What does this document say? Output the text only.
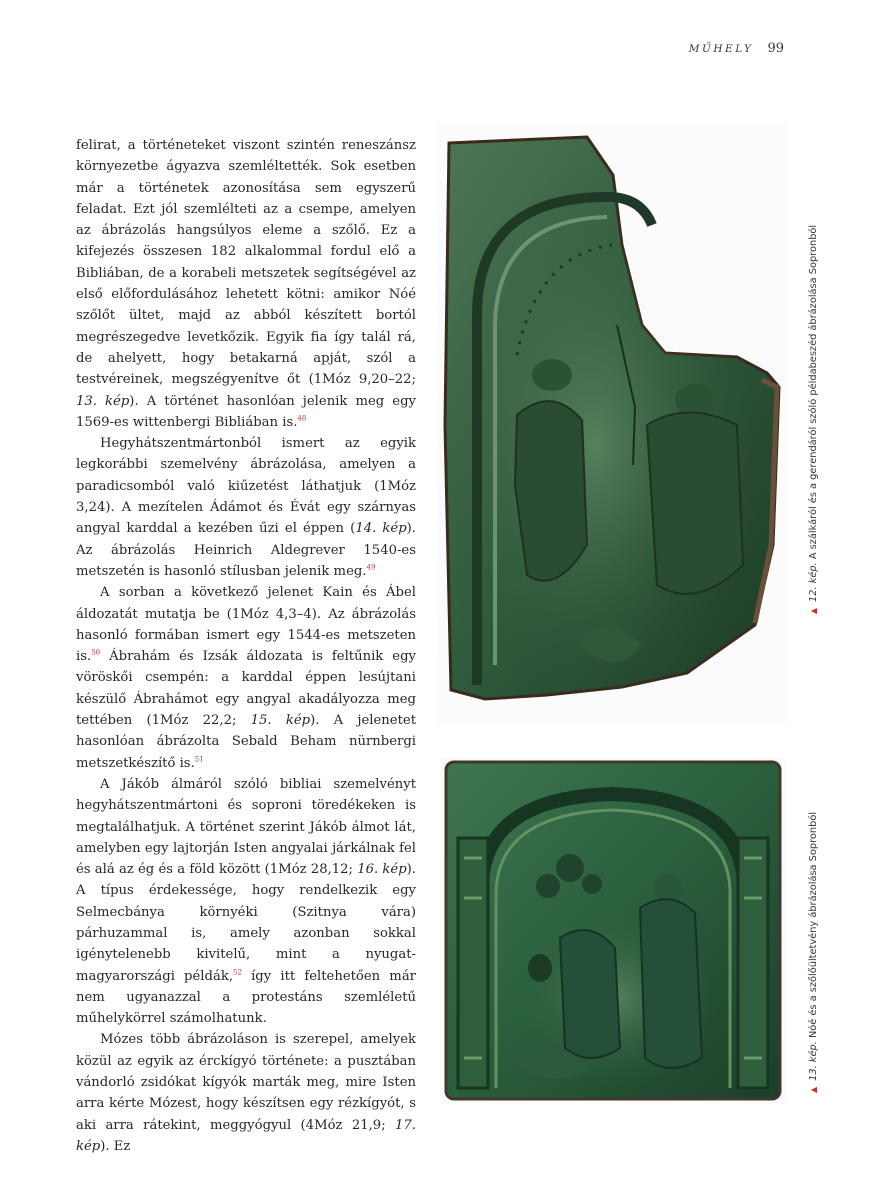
MŰHELY 99

felirat, a történeteket viszont szintén reneszánsz környezetbe ágyazva szemléltették. Sok esetben már a történetek azonosítása sem egyszerű feladat. Ezt jól szemlélteti az a csempe, amelyen az ábrázolás hangsúlyos eleme a szőlő. Ez a kifejezés összesen 182 alkalommal fordul elő a Bibliában, de a korabeli metszetek segítségével az első előfordulásához lehetett kötni: amikor Nóé szőlőt ültet, majd az abból készített bortól megrészegedve levetkőzik. Egyik fia így talál rá, de ahelyett, hogy betakarná apját, szól a testvéreinek, megszégyenítve őt (1Móz 9,20–22; 13. kép). A történet hasonlóan jelenik meg egy 1569-es wittenbergi Bibliában is.$^{48}$

Hegyhátszentmártonból ismert az egyik legkorábbi szemelvény ábrázolása, amelyen a paradicsomból való kiűzetést láthatjuk (1Móz 3,24). A mezítelen Ádámot és Évát egy szárnyas angyal karddal a kezében űzi el éppen (14. kép). Az ábrázolás Heinrich Aldegrever 1540-es metszetén is hasonló stílusban jelenik meg.$^{49}$

A sorban a következő jelenet Kain és Ábel áldozatát mutatja be (1Móz 4,3–4). Az ábrázolás hasonló formában ismert egy 1544-es metszeten is.$^{50}$ Ábrahám és Izsák áldozata is feltűnik egy vöröskői csempén: a karddal éppen lesújtani készülő Ábrahámot egy angyal akadályozza meg tettében (1Móz 22,2; 15. kép). A jelenetet hasonlóan ábrázolta Sebald Beham nürnbergi metszetkészítő is.$^{51}$

A Jákób álmáról szóló bibliai szemelvényt hegyhátszentmártoni és soproni töredékeken is megtalálhatjuk. A történet szerint Jákób álmot lát, amelyben egy lajtorján Isten angyalai járkálnak fel és alá az ég és a föld között (1Móz 28,12; 16. kép). A típus érdekessége, hogy rendelkezik egy Selmecbánya környéki (Szitnya vára) párhuzammal is, amely azonban sokkal igénytelenebb kivitelű, mint a nyugat-magyarországi példák,$^{52}$ így itt feltehetően már nem ugyanazzal a protestáns szemléletű műhelykörrel számolhatunk.

Mózes több ábrázoláson is szerepel, amelyek közül az egyik az érckígyó története: a pusztában vándorló zsidókat kígyók marták meg, mire Isten arra kérte Mózest, hogy készítsen egy rézkígyót, s aki arra rátekint, meggyógyul (4Móz 21,9; 17. kép). Ez

▲12. kép. A szálkáról és a gerendáról szóló példabeszéd ábrázolása Sopronból
▲13. kép. Nóé és a szőlőültetvény ábrázolása Sopronból
